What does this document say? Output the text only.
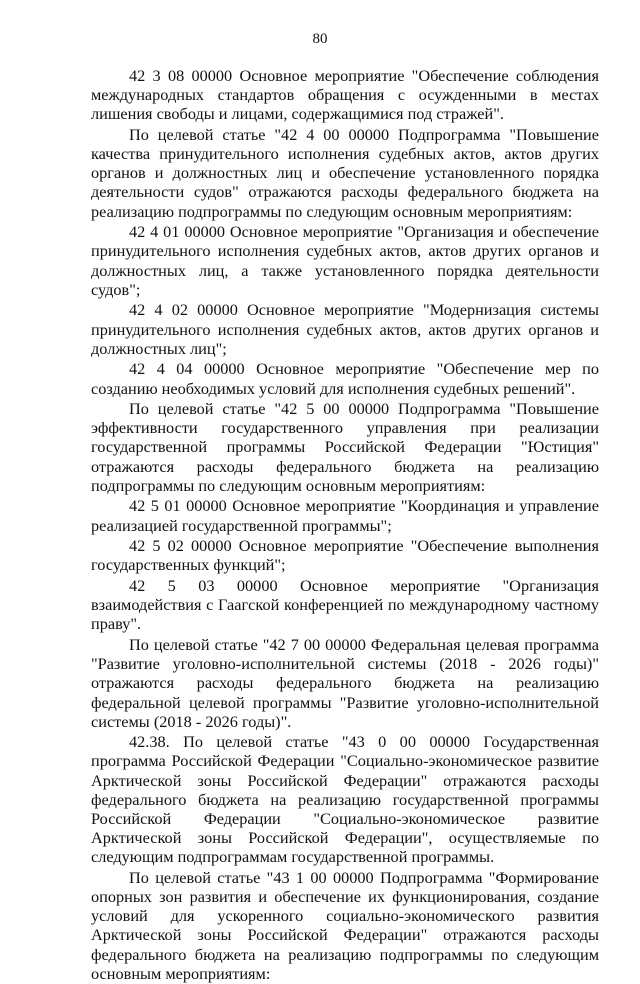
80

42 3 08 00000 Основное мероприятие "Обеспечение соблюдения международных стандартов обращения с осужденными в местах лишения свободы и лицами, содержащимися под стражей".

По целевой статье "42 4 00 00000 Подпрограмма "Повышение качества принудительного исполнения судебных актов, актов других органов и должностных лиц и обеспечение установленного порядка деятельности судов" отражаются расходы федерального бюджета на реализацию подпрограммы по следующим основным мероприятиям:

42 4 01 00000 Основное мероприятие "Организация и обеспечение принудительного исполнения судебных актов, актов других органов и должностных лиц, а также установленного порядка деятельности судов";

42 4 02 00000 Основное мероприятие "Модернизация системы принудительного исполнения судебных актов, актов других органов и должностных лиц";

42 4 04 00000 Основное мероприятие "Обеспечение мер по созданию необходимых условий для исполнения судебных решений".

По целевой статье "42 5 00 00000 Подпрограмма "Повышение эффективности государственного управления при реализации государственной программы Российской Федерации "Юстиция" отражаются расходы федерального бюджета на реализацию подпрограммы по следующим основным мероприятиям:

42 5 01 00000 Основное мероприятие "Координация и управление реализацией государственной программы";

42 5 02 00000 Основное мероприятие "Обеспечение выполнения государственных функций";

42 5 03 00000 Основное мероприятие "Организация взаимодействия с Гаагской конференцией по международному частному праву".

По целевой статье "42 7 00 00000 Федеральная целевая программа "Развитие уголовно-исполнительной системы (2018 - 2026 годы)" отражаются расходы федерального бюджета на реализацию федеральной целевой программы "Развитие уголовно-исполнительной системы (2018 - 2026 годы)".

42.38. По целевой статье "43 0 00 00000 Государственная программа Российской Федерации "Социально-экономическое развитие Арктической зоны Российской Федерации" отражаются расходы федерального бюджета на реализацию государственной программы Российской Федерации "Социально-экономическое развитие Арктической зоны Российской Федерации", осуществляемые по следующим подпрограммам государственной программы.

По целевой статье "43 1 00 00000 Подпрограмма "Формирование опорных зон развития и обеспечение их функционирования, создание условий для ускоренного социально-экономического развития Арктической зоны Российской Федерации" отражаются расходы федерального бюджета на реализацию подпрограммы по следующим основным мероприятиям:
